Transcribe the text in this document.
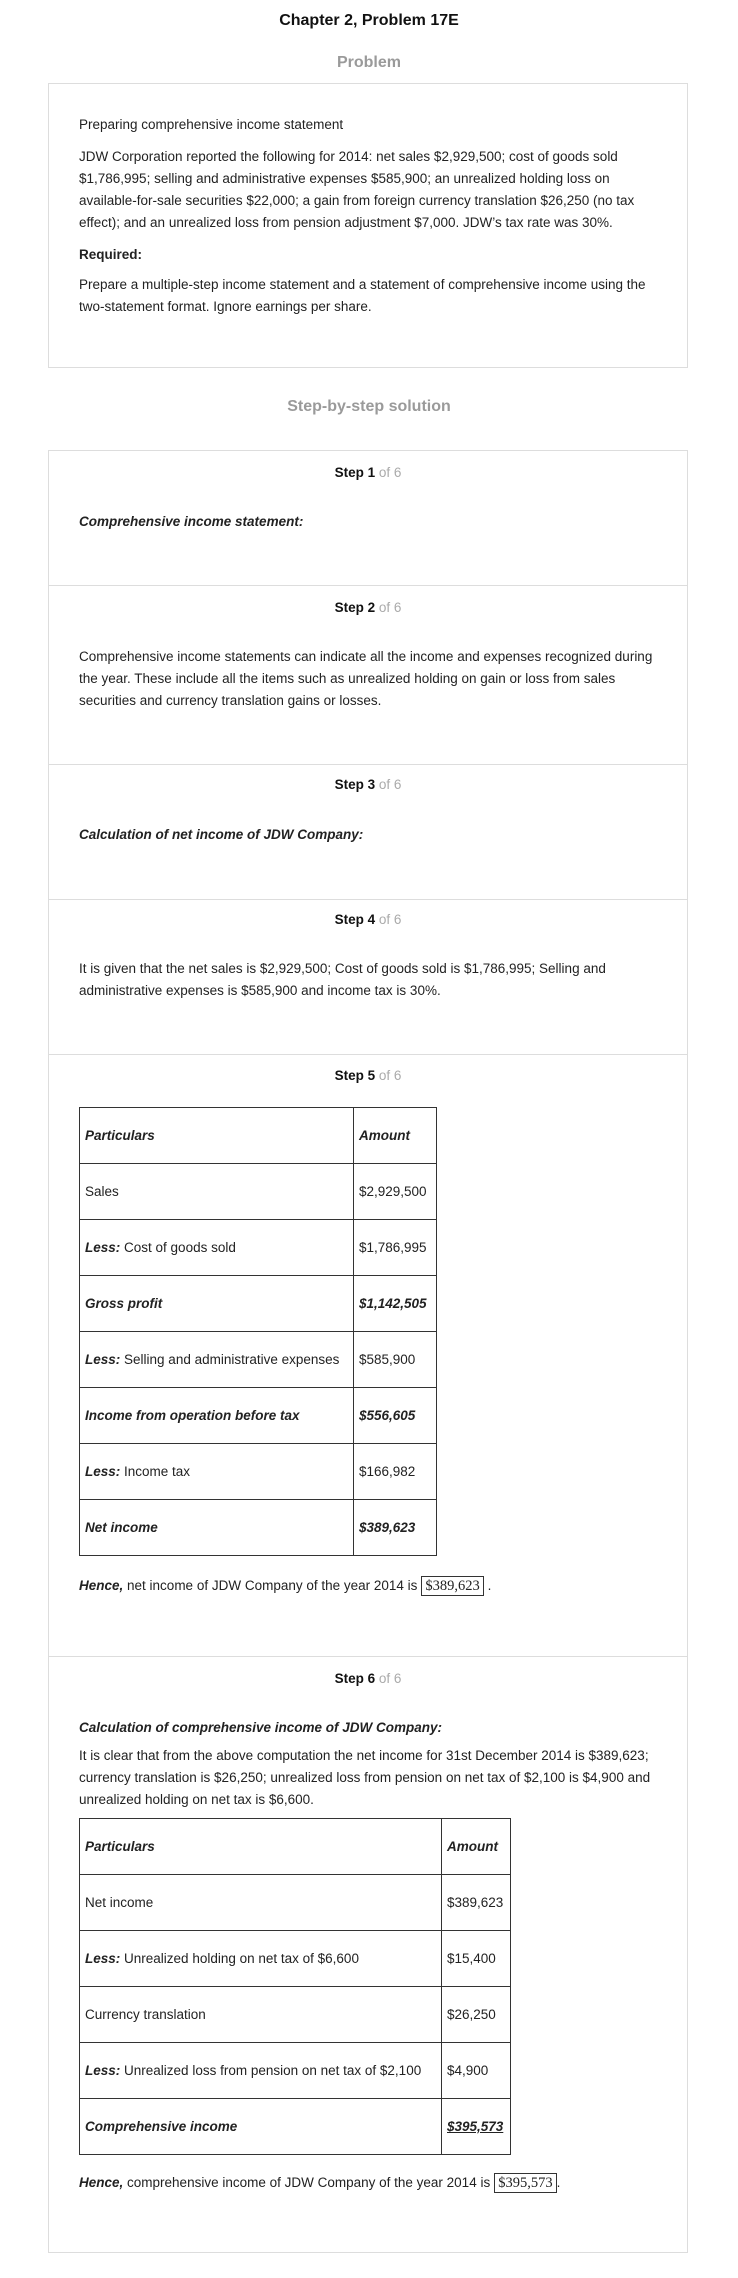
Chapter 2, Problem 17E
Problem

Preparing comprehensive income statement

JDW Corporation reported the following for 2014: net sales $2,929,500; cost of goods sold $1,786,995; selling and administrative expenses $585,900; an unrealized holding loss on available-for-sale securities $22,000; a gain from foreign currency translation $26,250 (no tax effect); and an unrealized loss from pension adjustment $7,000. JDW’s tax rate was 30%.

Required:

Prepare a multiple-step income statement and a statement of comprehensive income using the two-statement format. Ignore earnings per share.

Step-by-step solution
Step 1 of 6
Comprehensive income statement:
Step 2 of 6
Comprehensive income statements can indicate all the income and expenses recognized during the year. These include all the items such as unrealized holding on gain or loss from sales securities and currency translation gains or losses.
Step 3 of 6
Calculation of net income of JDW Company:
Step 4 of 6
It is given that the net sales is $2,929,500; Cost of goods sold is $1,786,995; Selling and administrative expenses is $585,900 and income tax is 30%.
Step 5 of 6
Particulars	Amount
Sales	$2,929,500
Less: Cost of goods sold	$1,786,995
Gross profit	$1,142,505
Less: Selling and administrative expenses	$585,900
Income from operation before tax	$556,605
Less: Income tax	$166,982
Net income	$389,623
Hence, net income of JDW Company of the year 2014 is $389,623 .
Step 6 of 6
Calculation of comprehensive income of JDW Company:
It is clear that from the above computation the net income for 31st December 2014 is $389,623; currency translation is $26,250; unrealized loss from pension on net tax of $2,100 is $4,900 and unrealized holding on net tax is $6,600.
Particulars	Amount
Net income	$389,623
Less: Unrealized holding on net tax of $6,600	$15,400
Currency translation	$26,250
Less: Unrealized loss from pension on net tax of $2,100	$4,900
Comprehensive income	$395,573
Hence, comprehensive income of JDW Company of the year 2014 is $395,573 .
